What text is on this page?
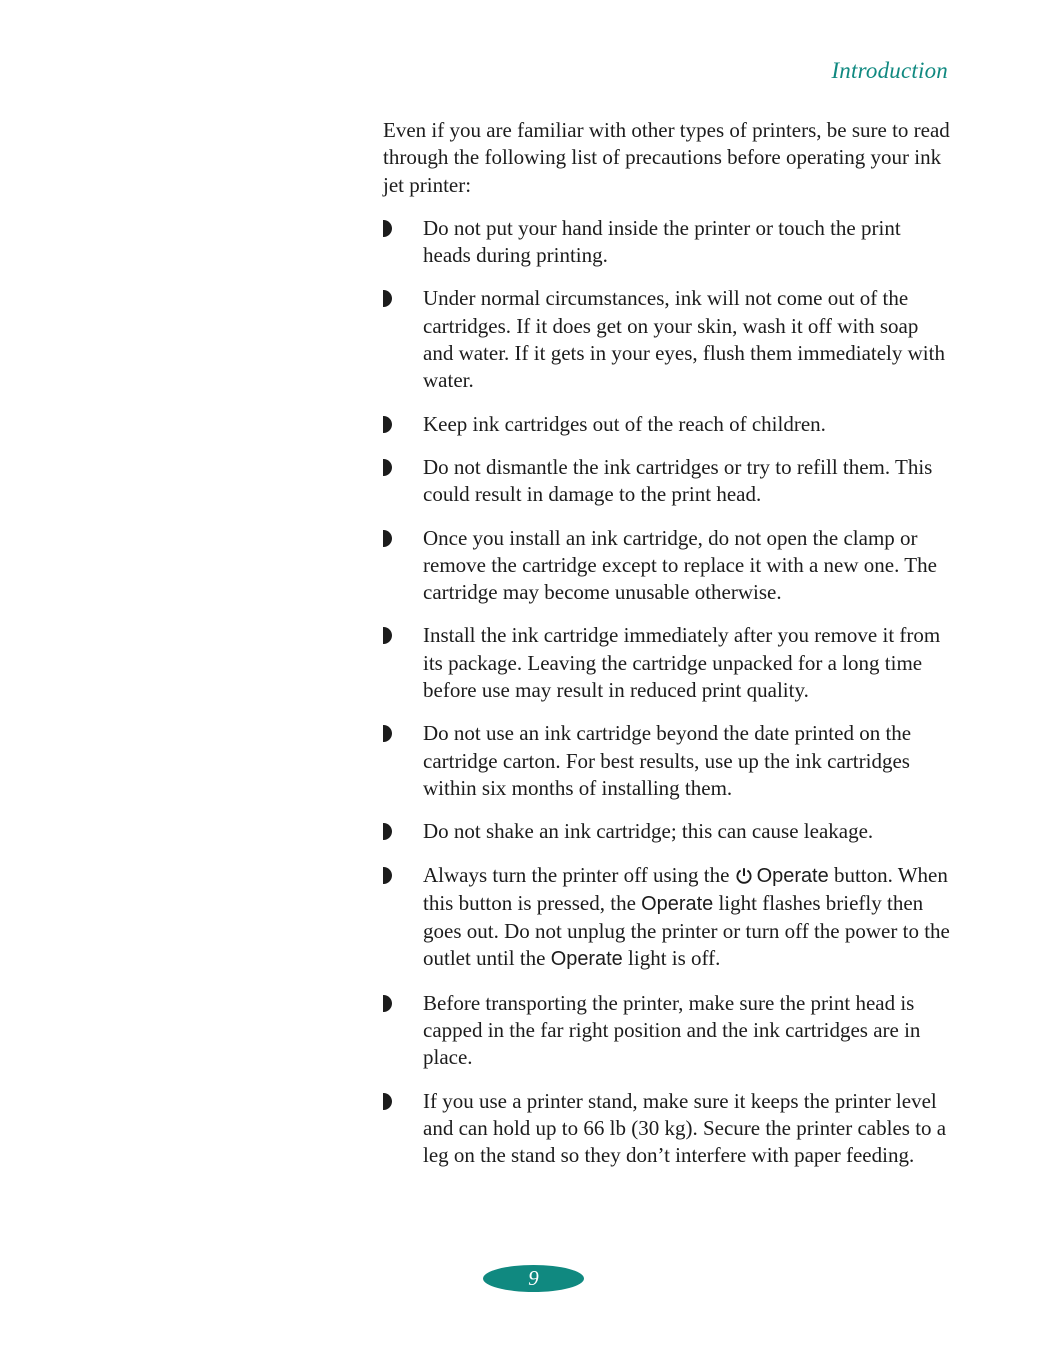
Introduction

Even if you are familiar with other types of printers, be sure to read through the following list of precautions before operating your ink jet printer:

Do not put your hand inside the printer or touch the print heads during printing.
Under normal circumstances, ink will not come out of the cartridges. If it does get on your skin, wash it off with soap and water. If it gets in your eyes, flush them immediately with water.
Keep ink cartridges out of the reach of children.
Do not dismantle the ink cartridges or try to refill them. This could result in damage to the print head.
Once you install an ink cartridge, do not open the clamp or remove the cartridge except to replace it with a new one. The cartridge may become unusable otherwise.
Install the ink cartridge immediately after you remove it from its package. Leaving the cartridge unpacked for a long time before use may result in reduced print quality.
Do not use an ink cartridge beyond the date printed on the cartridge carton. For best results, use up the ink cartridges within six months of installing them.
Do not shake an ink cartridge; this can cause leakage.
Always turn the printer off using the Operate button. When this button is pressed, the Operate light flashes briefly then goes out. Do not unplug the printer or turn off the power to the outlet until the Operate light is off.
Before transporting the printer, make sure the print head is capped in the far right position and the ink cartridges are in place.
If you use a printer stand, make sure it keeps the printer level and can hold up to 66 lb (30 kg). Secure the printer cables to a leg on the stand so they don’t interfere with paper feeding.
9
